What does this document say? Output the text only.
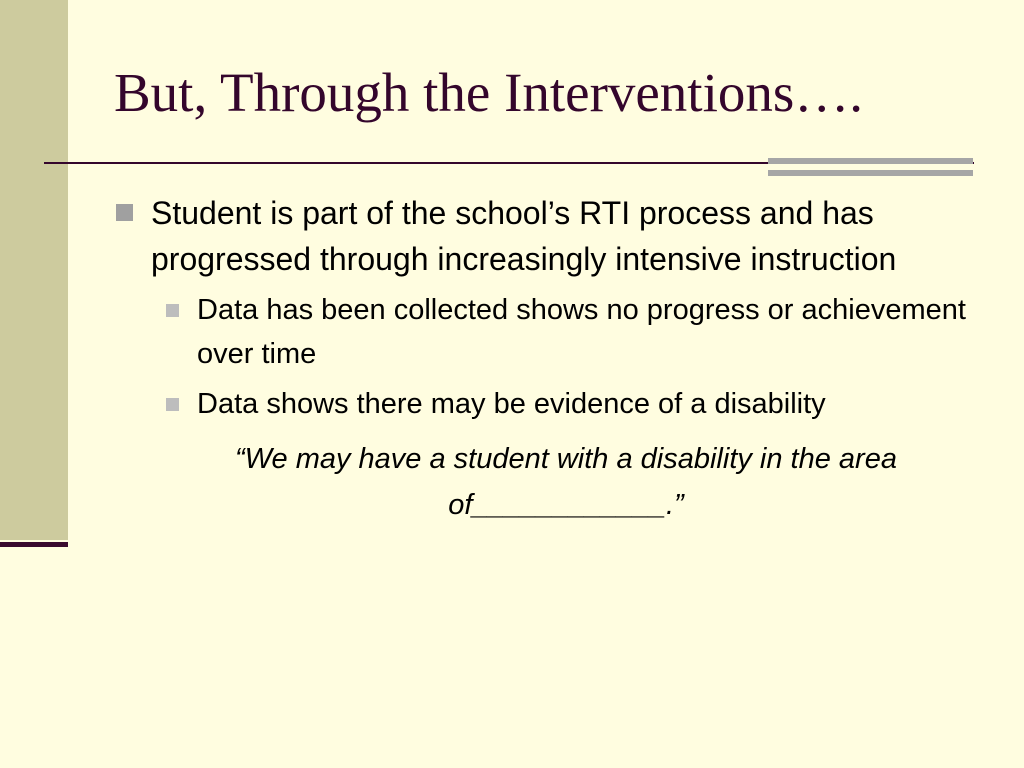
But, Through the Interventions….
Student is part of the school’s RTI process and has progressed through increasingly intensive instruction
Data has been collected shows no progress or achievement over time
Data shows there may be evidence of a disability
“We may have a student with a disability in the area of____________.”
